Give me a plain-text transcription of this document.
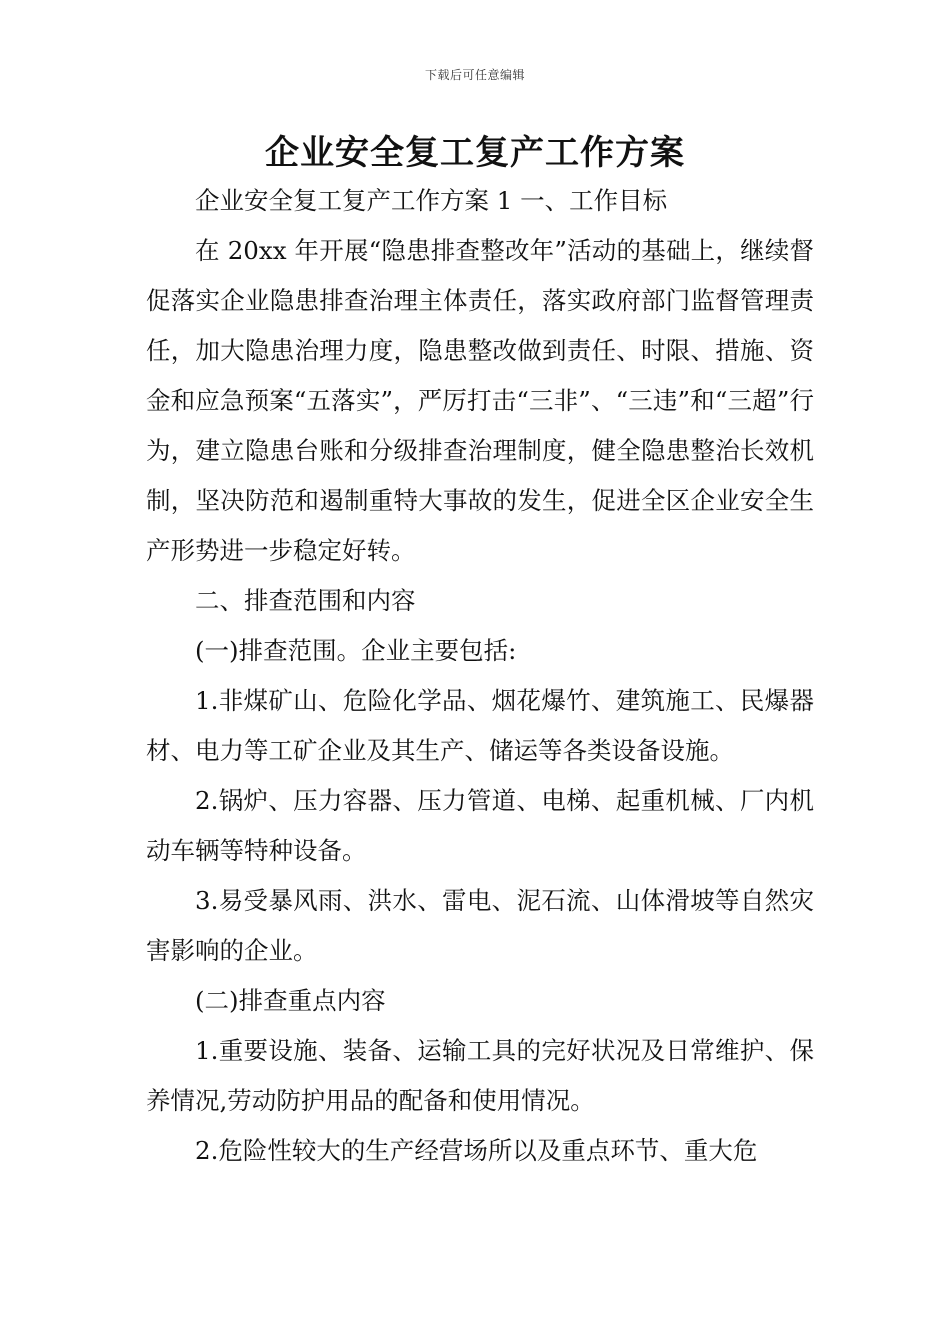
下载后可任意编辑
企业安全复工复产工作方案

企业安全复工复产工作方案 1 一、工作目标

在 20xx 年开展“隐患排查整改年”活动的基础上，继续督促落实企业隐患排查治理主体责任，落实政府部门监督管理责任，加大隐患治理力度，隐患整改做到责任、时限、措施、资金和应急预案“五落实”，严厉打击“三非”、“三违”和“三超”行为，建立隐患台账和分级排查治理制度，健全隐患整治长效机制，坚决防范和遏制重特大事故的发生，促进全区企业安全生产形势进一步稳定好转。

二、排查范围和内容

(一)排查范围。企业主要包括:

1.非煤矿山、危险化学品、烟花爆竹、建筑施工、民爆器材、电力等工矿企业及其生产、储运等各类设备设施。

2.锅炉、压力容器、压力管道、电梯、起重机械、厂内机动车辆等特种设备。

3.易受暴风雨、洪水、雷电、泥石流、山体滑坡等自然灾害影响的企业。

(二)排查重点内容

1.重要设施、装备、运输工具的完好状况及日常维护、保养情况,劳动防护用品的配备和使用情况。

2.危险性较大的生产经营场所以及重点环节、重大危
